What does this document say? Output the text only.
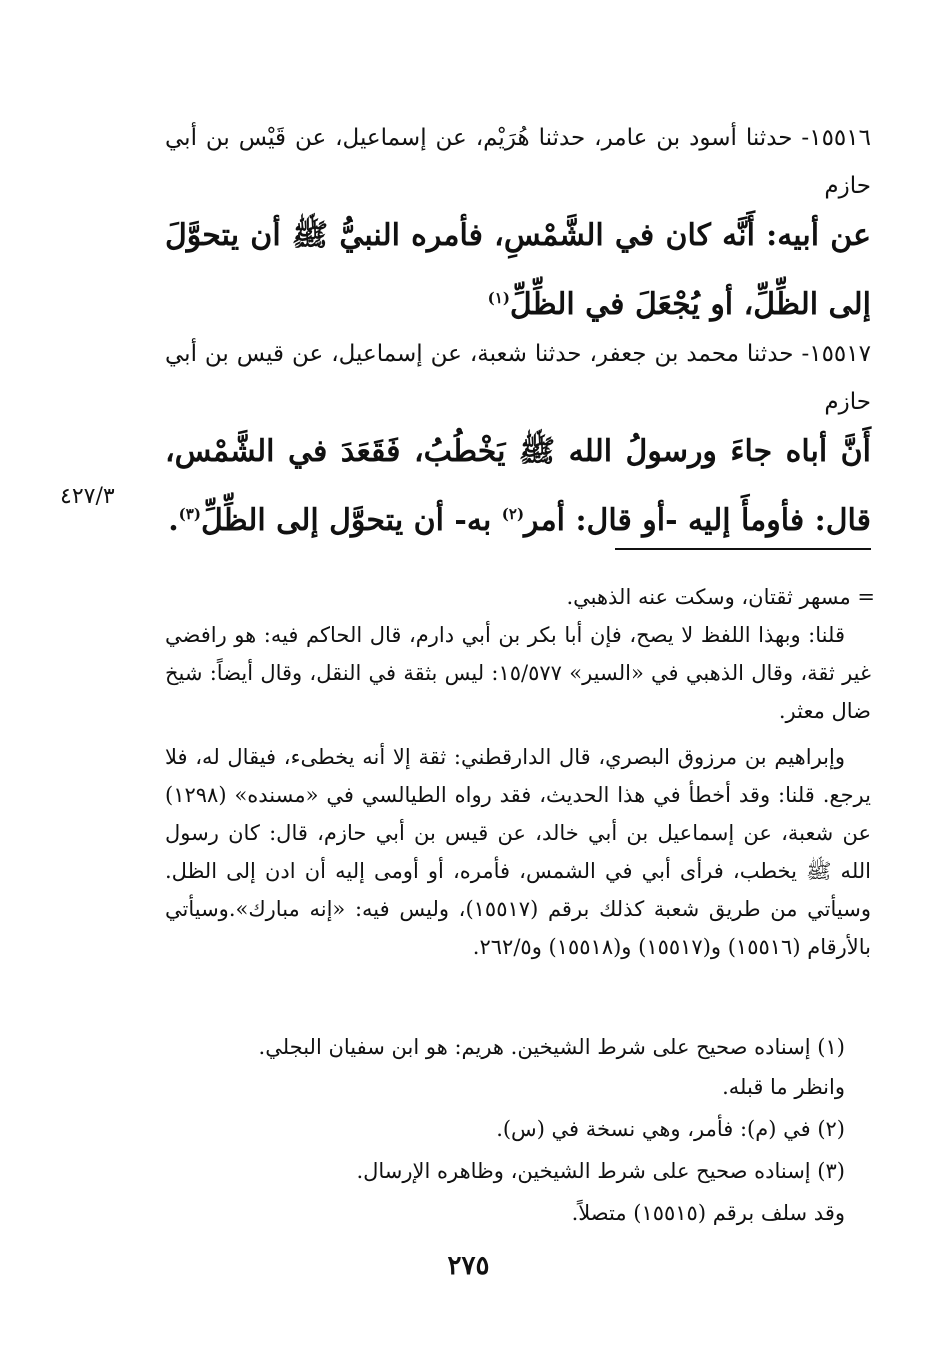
١٥٥١٦- حدثنا أسود بن عامر، حدثنا هُرَيْم، عن إسماعيل، عن قَيْس بن أبي حازم
عن أبيه: أَنَّه كان في الشَّمْسِ، فأمره النبيُّ ﷺ أن يتحوَّلَ إلى الظِّلِّ، أو يُجْعَلَ في الظِّلِّ$^{(١)}$
١٥٥١٧- حدثنا محمد بن جعفر، حدثنا شعبة، عن إسماعيل، عن قيس بن أبي حازم
أَنَّ أباه جاءَ ورسولُ الله ﷺ يَخْطُبُ، فَقَعَدَ في الشَّمْس، قال: فأومأَ إليه -أو قال: أمر$^{(٢)}$ به- أن يتحوَّل إلى الظِّلِّ$^{(٣)}$.
٤٢٧/٣
= مسهر ثقتان، وسكت عنه الذهبي.
قلنا: وبهذا اللفظ لا يصح، فإن أبا بكر بن أبي دارم، قال الحاكم فيه: هو رافضي غير ثقة، وقال الذهبي في «السير» ١٥/٥٧٧: ليس بثقة في النقل، وقال أيضاً: شيخ ضال معثر.
وإبراهيم بن مرزوق البصري، قال الدارقطني: ثقة إلا أنه يخطىء، فيقال له، فلا يرجع. قلنا: وقد أخطأ في هذا الحديث، فقد رواه الطيالسي في «مسنده» (١٢٩٨) عن شعبة، عن إسماعيل بن أبي خالد، عن قيس بن أبي حازم، قال: كان رسول الله ﷺ يخطب، فرأى أبي في الشمس، فأمره، أو أومى إليه أن ادن إلى الظل. وسيأتي من طريق شعبة كذلك برقم (١٥٥١٧)، وليس فيه: «إنه مبارك».وسيأتي بالأرقام (١٥٥١٦) و(١٥٥١٧) و(١٥٥١٨) و٢٦٢/٥.
(١) إسناده صحيح على شرط الشيخين. هريم: هو ابن سفيان البجلي.
وانظر ما قبله.
(٢) في (م): فأمر، وهي نسخة في (س).
(٣) إسناده صحيح على شرط الشيخين، وظاهره الإرسال.
وقد سلف برقم (١٥٥١٥) متصلاً.
٢٧٥
